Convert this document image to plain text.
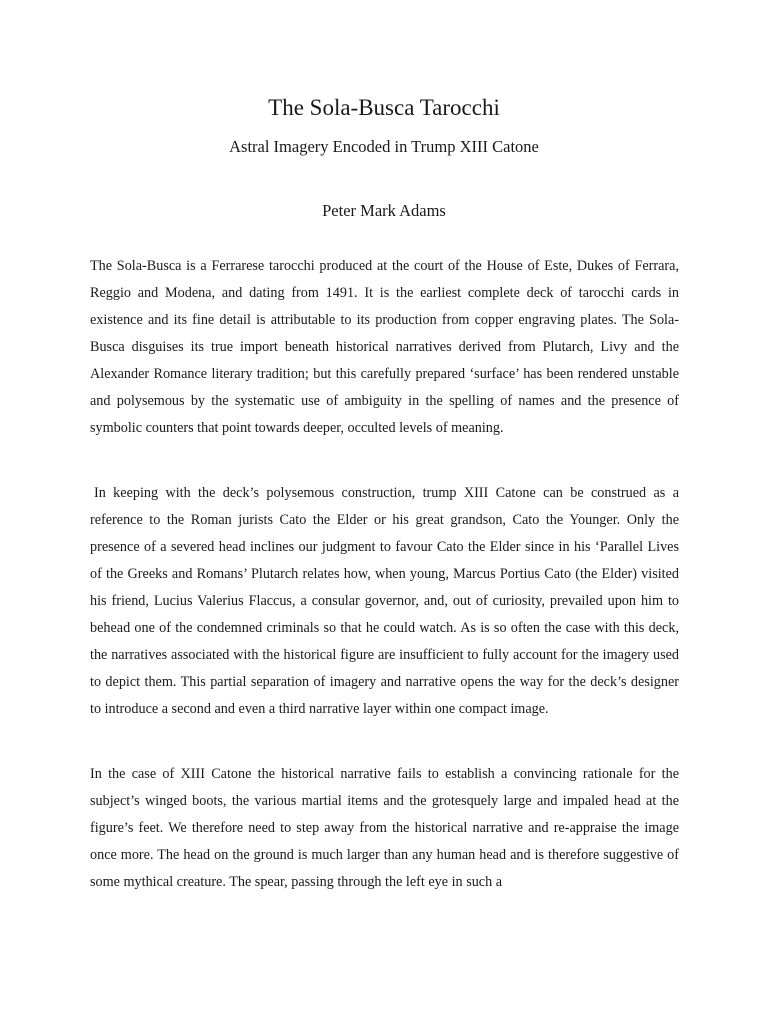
The Sola-Busca Tarocchi

Astral Imagery Encoded in Trump XIII Catone

Peter Mark Adams

The Sola-Busca is a Ferrarese tarocchi produced at the court of the House of Este, Dukes of Ferrara, Reggio and Modena, and dating from 1491. It is the earliest complete deck of tarocchi cards in existence and its fine detail is attributable to its production from copper engraving plates. The Sola-Busca disguises its true import beneath historical narratives derived from Plutarch, Livy and the Alexander Romance literary tradition; but this carefully prepared ‘surface’ has been rendered unstable and polysemous by the systematic use of ambiguity in the spelling of names and the presence of symbolic counters that point towards deeper, occulted levels of meaning.

In keeping with the deck’s polysemous construction, trump XIII Catone can be construed as a reference to the Roman jurists Cato the Elder or his great grandson, Cato the Younger. Only the presence of a severed head inclines our judgment to favour Cato the Elder since in his ‘Parallel Lives of the Greeks and Romans’ Plutarch relates how, when young, Marcus Portius Cato (the Elder) visited his friend, Lucius Valerius Flaccus, a consular governor, and, out of curiosity, prevailed upon him to behead one of the condemned criminals so that he could watch. As is so often the case with this deck, the narratives associated with the historical figure are insufficient to fully account for the imagery used to depict them. This partial separation of imagery and narrative opens the way for the deck’s designer to introduce a second and even a third narrative layer within one compact image.

In the case of XIII Catone the historical narrative fails to establish a convincing rationale for the subject’s winged boots, the various martial items and the grotesquely large and impaled head at the figure’s feet. We therefore need to step away from the historical narrative and re-appraise the image once more. The head on the ground is much larger than any human head and is therefore suggestive of some mythical creature. The spear, passing through the left eye in such a
